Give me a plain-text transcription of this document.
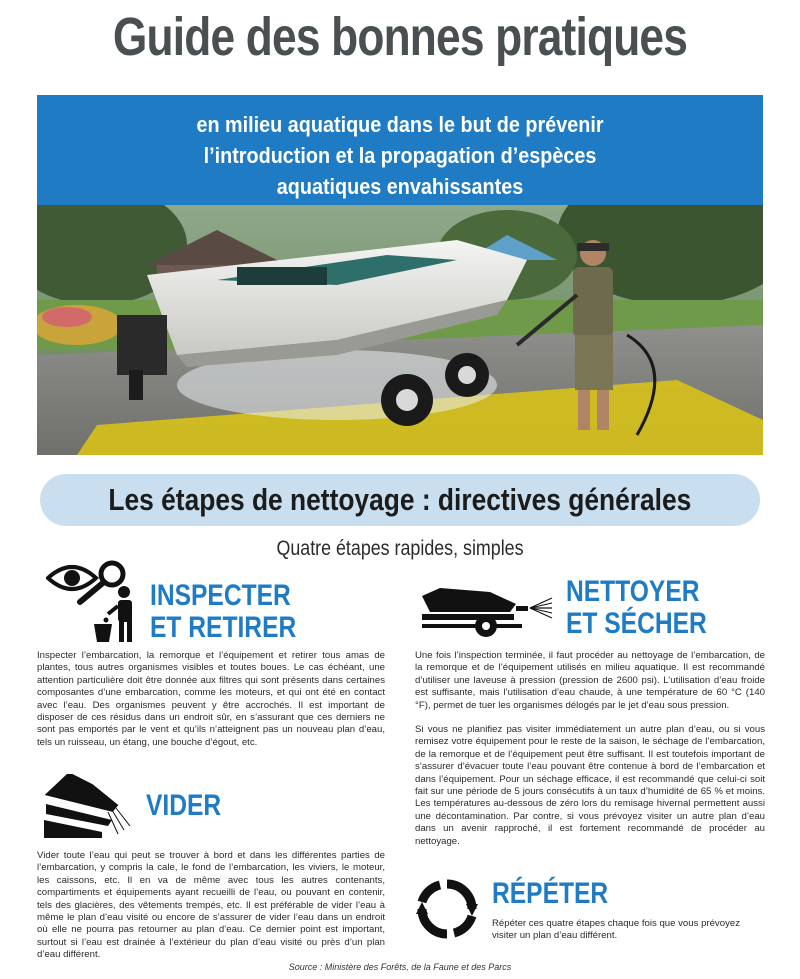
Guide des bonnes pratiques
en milieu aquatique dans le but de prévenir
l’introduction et la propagation d’espèces
aquatiques envahissantes
Les étapes de nettoyage : directives générales
Quatre étapes rapides, simples
INSPECTER
ET RETIRER

Inspecter l’embarcation, la remorque et l’équipement et retirer tous amas de plantes, tous autres organismes visibles et toutes boues. Le cas échéant, une attention particulière doit être donnée aux filtres qui sont présents dans certaines composantes d’une embarcation, comme les moteurs, et qui ont été en contact avec l’eau. Des organismes peuvent y être accrochés. Il est important de disposer de ces résidus dans un endroit sûr, en s’assurant que ces derniers ne sont pas emportés par le vent et qu’ils n’atteignent pas un nouveau plan d’eau, tels un ruisseau, un étang, une bouche d’égout, etc.

NETTOYER
ET SÉCHER

Une fois l’inspection terminée, il faut procéder au nettoyage de l’embarcation, de la remorque et de l’équipement utilisés en milieu aquatique. Il est recommandé d’utiliser une laveuse à pression (pression de 2600 psi). L’utilisation d’eau froide est suffisante, mais l’utilisation d’eau chaude, à une température de 60 °C (140 °F), permet de tuer les organismes délogés par le jet d’eau sous pression.

Si vous ne planifiez pas visiter immédiatement un autre plan d’eau, ou si vous remisez votre équipement pour le reste de la saison, le séchage de l’embarcation, de la remorque et de l’équipement peut être suffisant. Il est toutefois important de s’assurer d’évacuer toute l’eau pouvant être contenue à bord de l’embarcation et dans l’équipement. Pour un séchage efficace, il est recommandé que celui-ci soit fait sur une période de 5 jours consécutifs à un taux d’humidité de 65 % et moins. Les températures au-dessous de zéro lors du remisage hivernal permettent aussi une décontamination. Par contre, si vous prévoyez visiter un autre plan d’eau dans un avenir rapproché, il est fortement recommandé de procéder au nettoyage.

VIDER

Vider toute l’eau qui peut se trouver à bord et dans les différentes parties de l’embarcation, y compris la cale, le fond de l’embarcation, les viviers, le moteur, les caissons, etc. Il en va de même avec tous les autres contenants, compartiments et équipements ayant recueilli de l’eau, ou pouvant en contenir, tels des glacières, des vêtements trempés, etc. Il est préférable de vider l’eau à même le plan d’eau visité ou encore de s’assurer de vider l’eau dans un endroit où elle ne pourra pas retourner au plan d’eau. Ce dernier point est important, surtout si l’eau est drainée à l’extérieur du plan d’eau visité ou près d’un plan d’eau différent.

RÉPÉTER

Répéter ces quatre étapes chaque fois que vous prévoyez visiter un plan d’eau différent.

Source : Ministère des Forêts, de la Faune et des Parcs
